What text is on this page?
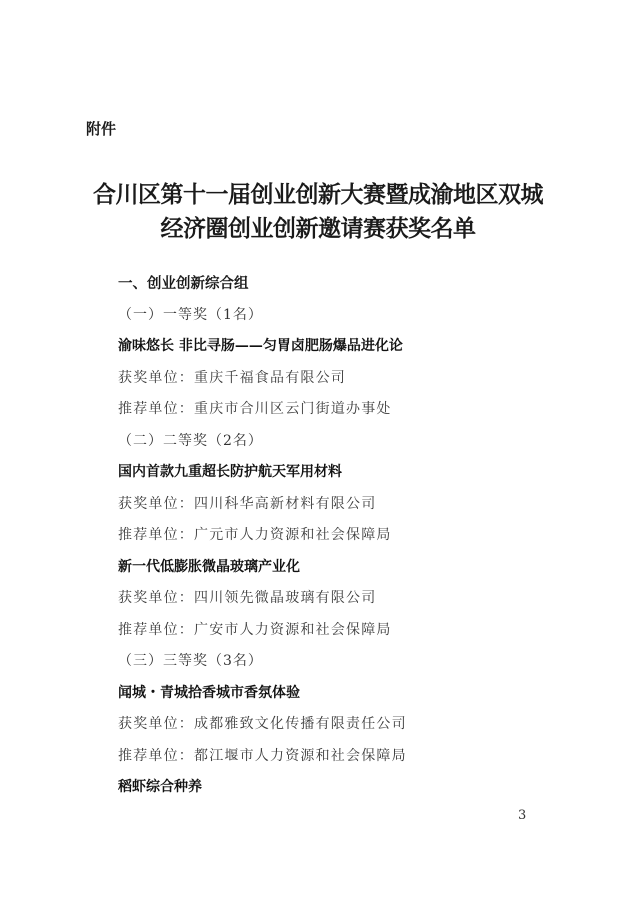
附件
合川区第十一届创业创新大赛暨成渝地区双城
经济圈创业创新邀请赛获奖名单
一、创业创新综合组
（一）一等奖（1名）
渝味悠长 非比寻肠——匀胃卤肥肠爆品进化论
获奖单位：重庆千福食品有限公司
推荐单位：重庆市合川区云门街道办事处
（二）二等奖（2名）
国内首款九重超长防护航天军用材料
获奖单位：四川科华高新材料有限公司
推荐单位：广元市人力资源和社会保障局
新一代低膨胀微晶玻璃产业化
获奖单位：四川领先微晶玻璃有限公司
推荐单位：广安市人力资源和社会保障局
（三）三等奖（3名）
闻城・青城拾香城市香氛体验
获奖单位：成都雅致文化传播有限责任公司
推荐单位：都江堰市人力资源和社会保障局
稻虾综合种养
3
